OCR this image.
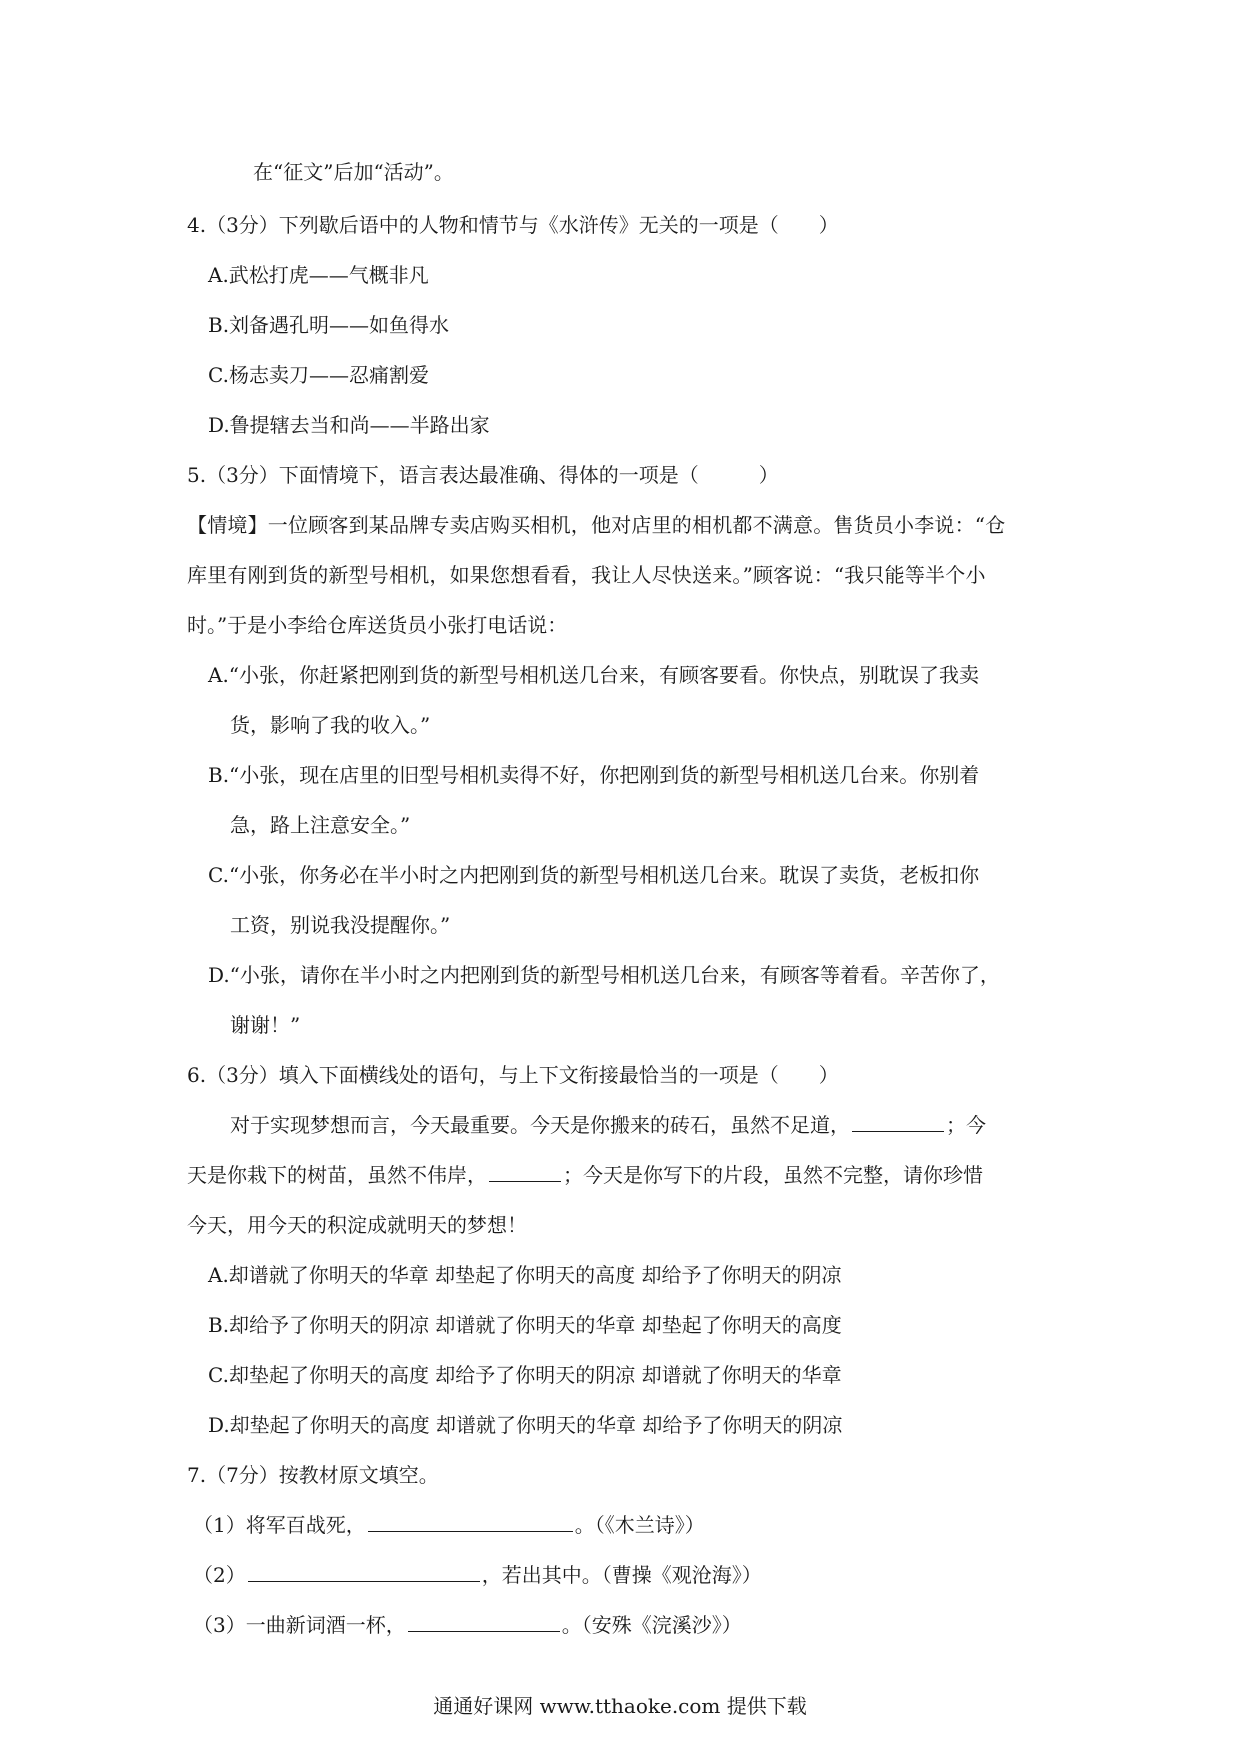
在“征文”后加“活动”。
4.（3分）下列歇后语中的人物和情节与《水浒传》无关的一项是（　　）
A.武松打虎——气概非凡
B.刘备遇孔明——如鱼得水
C.杨志卖刀——忍痛割爱
D.鲁提辖去当和尚——半路出家
5.（3分）下面情境下，语言表达最准确、得体的一项是（　　　）
【情境】一位顾客到某品牌专卖店购买相机，他对店里的相机都不满意。售货员小李说：“仓
库里有刚到货的新型号相机，如果您想看看，我让人尽快送来。”顾客说：“我只能等半个小
时。”于是小李给仓库送货员小张打电话说：
A.“小张，你赶紧把刚到货的新型号相机送几台来，有顾客要看。你快点，别耽误了我卖
货，影响了我的收入。”
B.“小张，现在店里的旧型号相机卖得不好，你把刚到货的新型号相机送几台来。你别着
急，路上注意安全。”
C.“小张，你务必在半小时之内把刚到货的新型号相机送几台来。耽误了卖货，老板扣你
工资，别说我没提醒你。”
D.“小张，请你在半小时之内把刚到货的新型号相机送几台来，有顾客等着看。辛苦你了，
谢谢！”
6.（3分）填入下面横线处的语句，与上下文衔接最恰当的一项是（　　）
对于实现梦想而言，今天最重要。今天是你搬来的砖石，虽然不足道，	；今
天是你栽下的树苗，虽然不伟岸，	；今天是你写下的片段，虽然不完整，请你珍惜
今天，用今天的积淀成就明天的梦想！
A.却谱就了你明天的华章 却垫起了你明天的高度 却给予了你明天的阴凉
B.却给予了你明天的阴凉 却谱就了你明天的华章 却垫起了你明天的高度
C.却垫起了你明天的高度 却给予了你明天的阴凉 却谱就了你明天的华章
D.却垫起了你明天的高度 却谱就了你明天的华章 却给予了你明天的阴凉
7.（7分）按教材原文填空。
（1）将军百战死，	。（《木兰诗》）
（2）	，若出其中。（曹操《观沧海》）
（3）一曲新词酒一杯，	。（安殊《浣溪沙》）
通通好课网 www.tthaoke.com 提供下载
